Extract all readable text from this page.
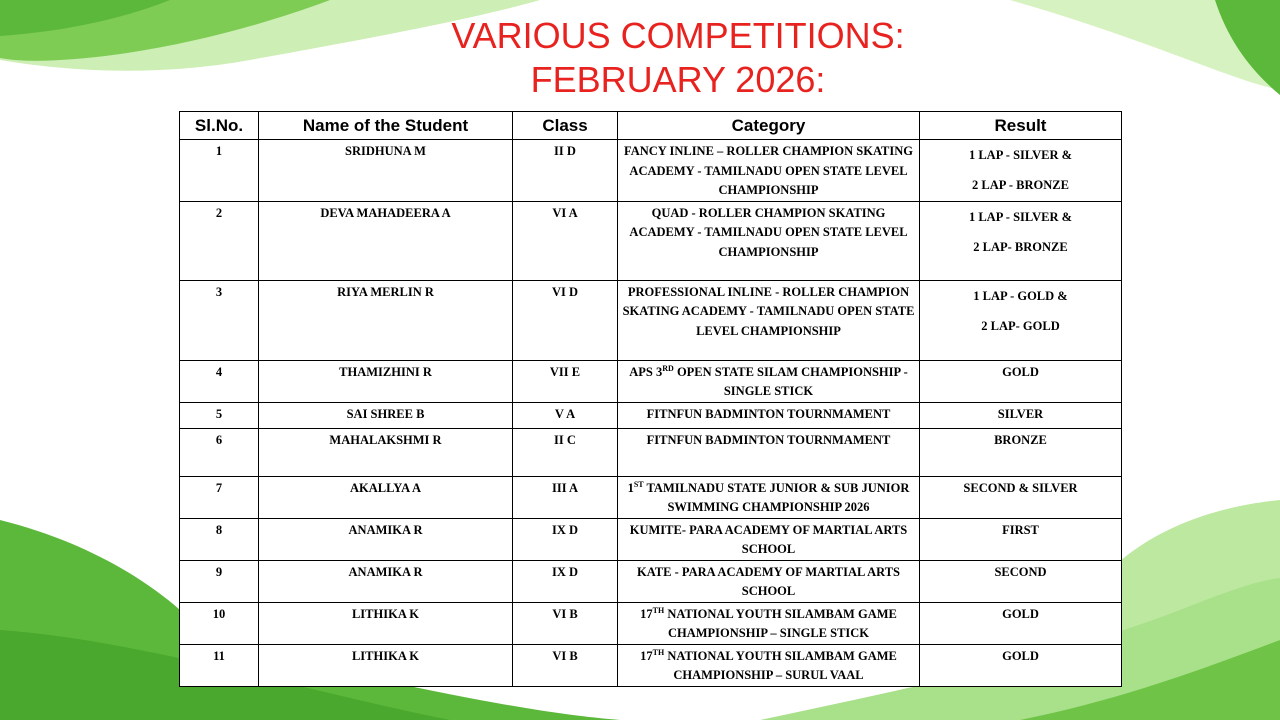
VARIOUS COMPETITIONS:
FEBRUARY 2026:
Sl.No.	Name of the Student	Class	Category	Result
1	SRIDHUNA M	II D	FANCY INLINE – ROLLER CHAMPION SKATING ACADEMY - TAMILNADU OPEN STATE LEVEL CHAMPIONSHIP	1 LAP - SILVER &
2 LAP - BRONZE

2	DEVA MAHADEERA A	VI A	QUAD - ROLLER CHAMPION SKATING ACADEMY - TAMILNADU OPEN STATE LEVEL CHAMPIONSHIP	1 LAP - SILVER &
2 LAP- BRONZE

3	RIYA MERLIN R	VI D	PROFESSIONAL INLINE - ROLLER CHAMPION SKATING ACADEMY - TAMILNADU OPEN STATE LEVEL CHAMPIONSHIP	1 LAP - GOLD &
2 LAP- GOLD

4	THAMIZHINI R	VII E	APS 3RD OPEN STATE SILAM CHAMPIONSHIP - SINGLE STICK	GOLD
5	SAI SHREE B	V A	FITNFUN BADMINTON TOURNMAMENT	SILVER
6	MAHALAKSHMI R	II C	FITNFUN BADMINTON TOURNMAMENT	BRONZE
7	AKALLYA A	III A	1ST TAMILNADU STATE JUNIOR & SUB JUNIOR SWIMMING CHAMPIONSHIP 2026	SECOND & SILVER
8	ANAMIKA R	IX D	KUMITE- PARA ACADEMY OF MARTIAL ARTS SCHOOL	FIRST
9	ANAMIKA R	IX D	KATE - PARA ACADEMY OF MARTIAL ARTS SCHOOL	SECOND
10	LITHIKA K	VI B	17TH NATIONAL YOUTH SILAMBAM GAME CHAMPIONSHIP – SINGLE STICK	GOLD
11	LITHIKA K	VI B	17TH NATIONAL YOUTH SILAMBAM GAME CHAMPIONSHIP – SURUL VAAL	GOLD
